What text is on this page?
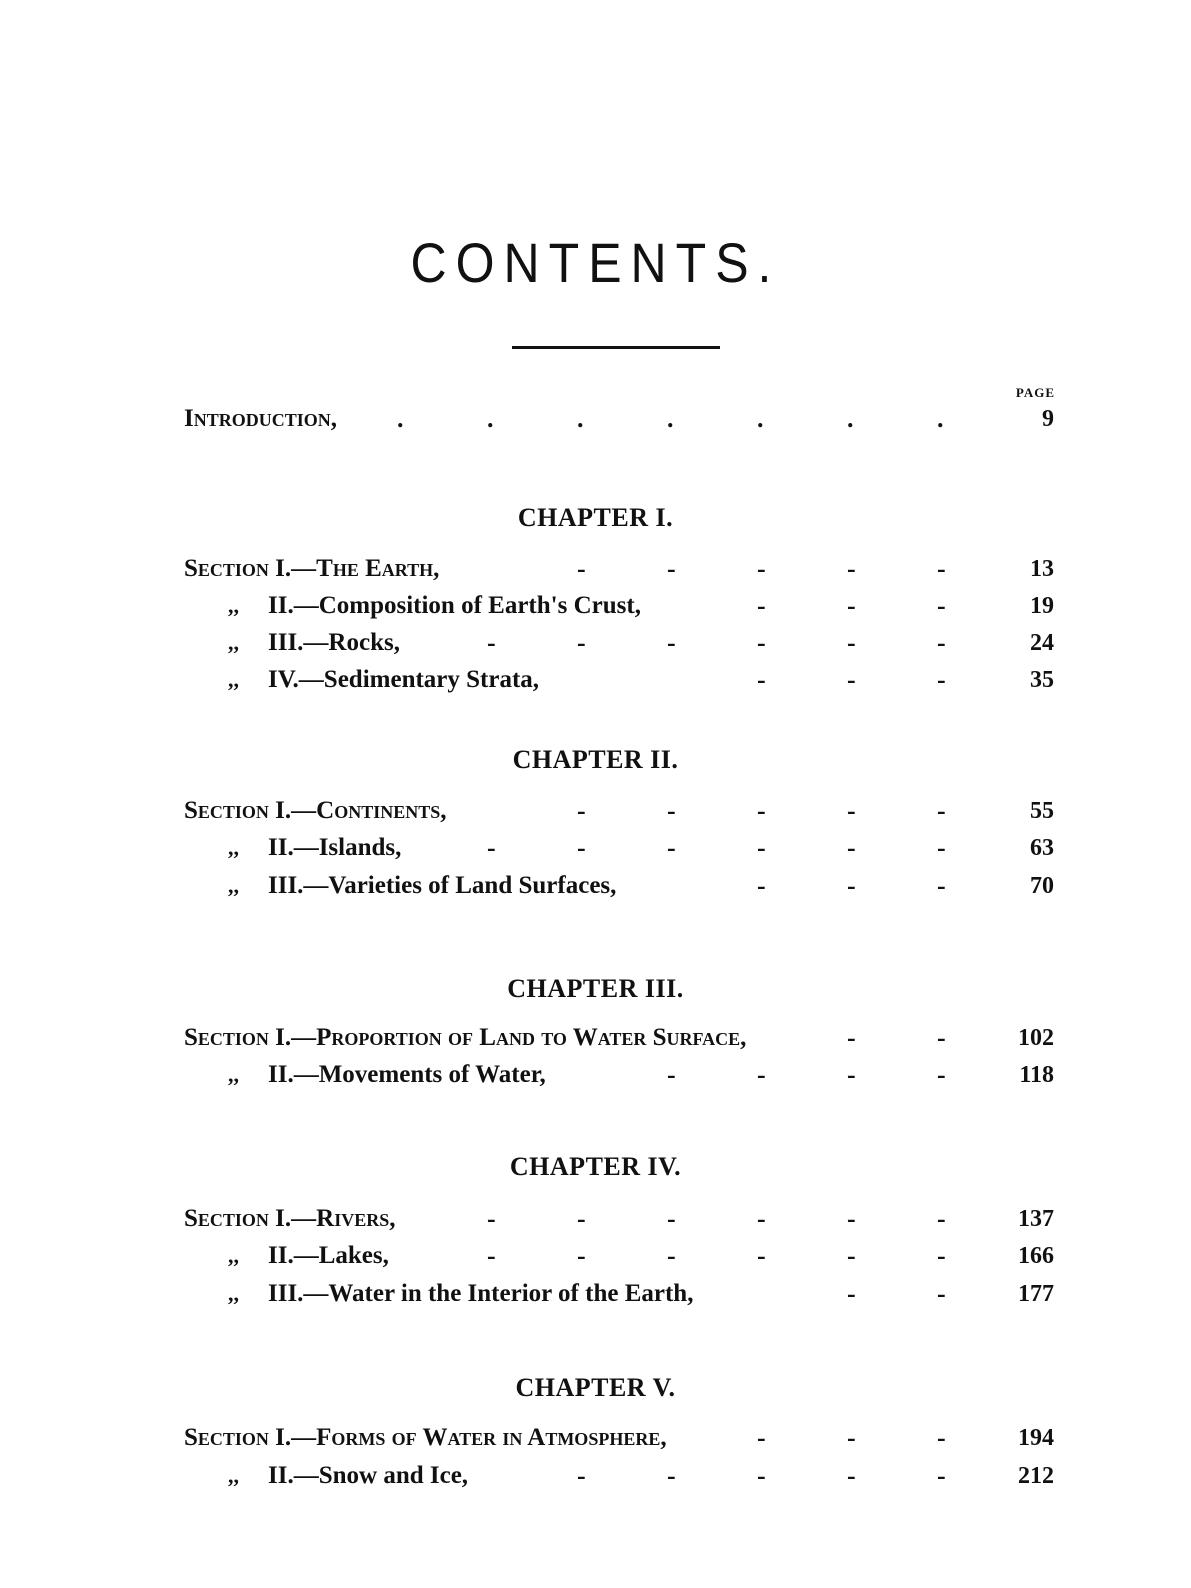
CONTENTS.
PAGE
Introduction, .	.	.	.	.	.	.	9
CHAPTER I.
Section I.—The Earth,	-	-	-	-	-	13
,, II.—Composition of Earth's Crust,	-	-	-	19
,, III.—Rocks,	-	-	-	-	-	-	24
,, IV.—Sedimentary Strata,	-	-	-	35
CHAPTER II.
Section I.—Continents,	-	-	-	-	-	55
,, II.—Islands,	-	-	-	-	-	-	63
,, III.—Varieties of Land Surfaces,	-	-	-	70
CHAPTER III.
Section I.—Proportion of Land to Water Surface,	-	-	102
,, II.—Movements of Water,	-	-	-	-	118
CHAPTER IV.
Section I.—Rivers,	-	-	-	-	-	-	137
,, II.—Lakes,	-	-	-	-	-	-	166
,, III.—Water in the Interior of the Earth,	-	-	177
CHAPTER V.
Section I.—Forms of Water in Atmosphere,	-	-	-	194
,, II.—Snow and Ice,	-	-	-	-	-	212
